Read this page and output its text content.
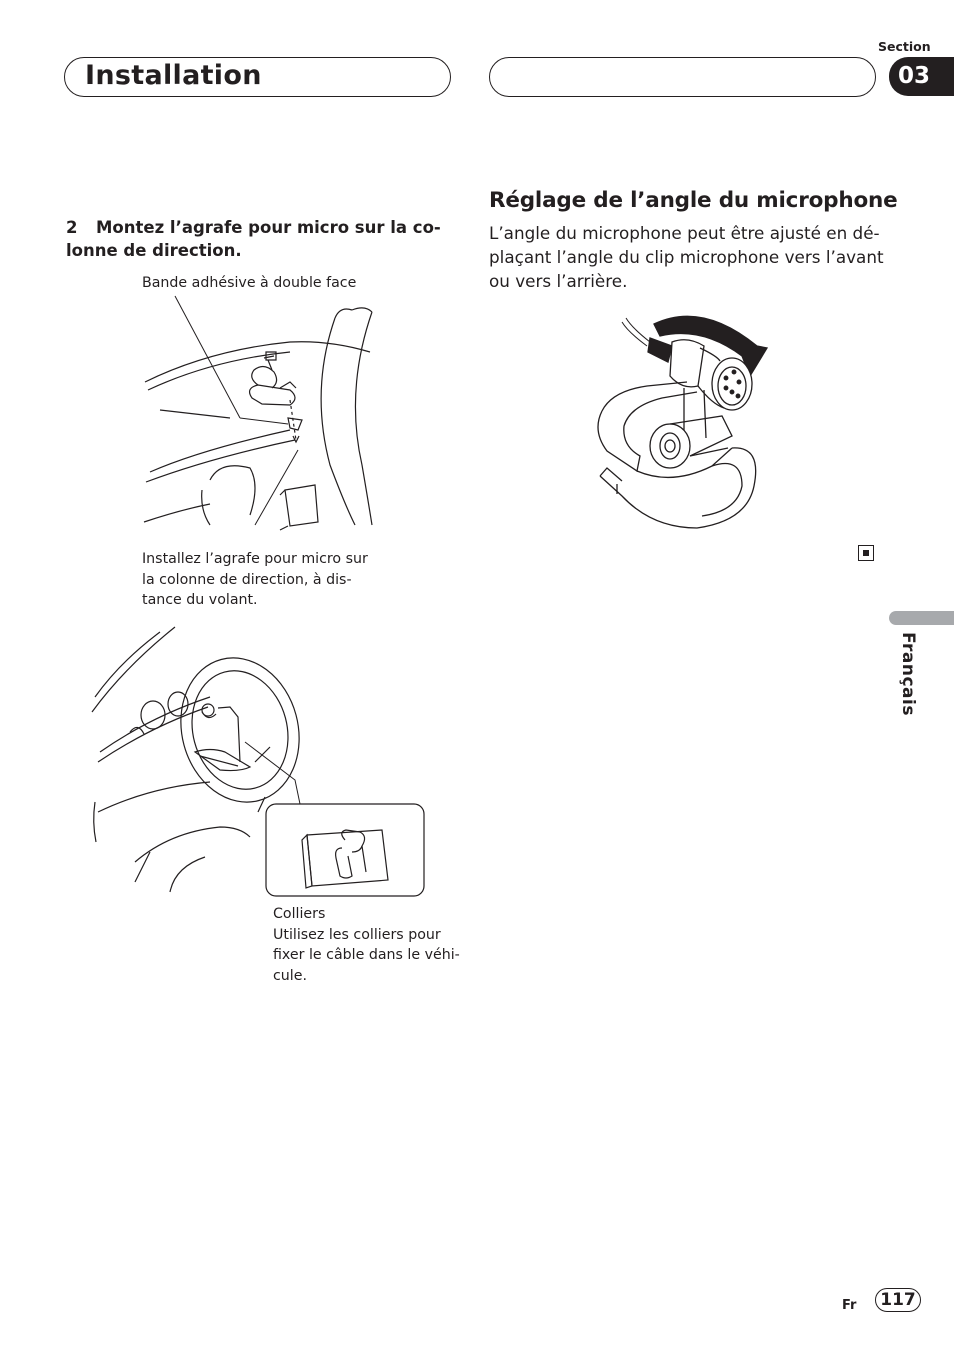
Installation
Section
03
2 Montez l’agrafe pour micro sur la co-lonne de direction.
Bande adhésive à double face
Installez l’agrafe pour micro sur
la colonne de direction, à dis-
tance du volant.
Colliers
Utilisez les colliers pour
fixer le câble dans le véhi-
cule.
Réglage de l’angle du microphone
L’angle du microphone peut être ajusté en dé-
plaçant l’angle du clip microphone vers l’avant
ou vers l’arrière.
Français
Fr	117
